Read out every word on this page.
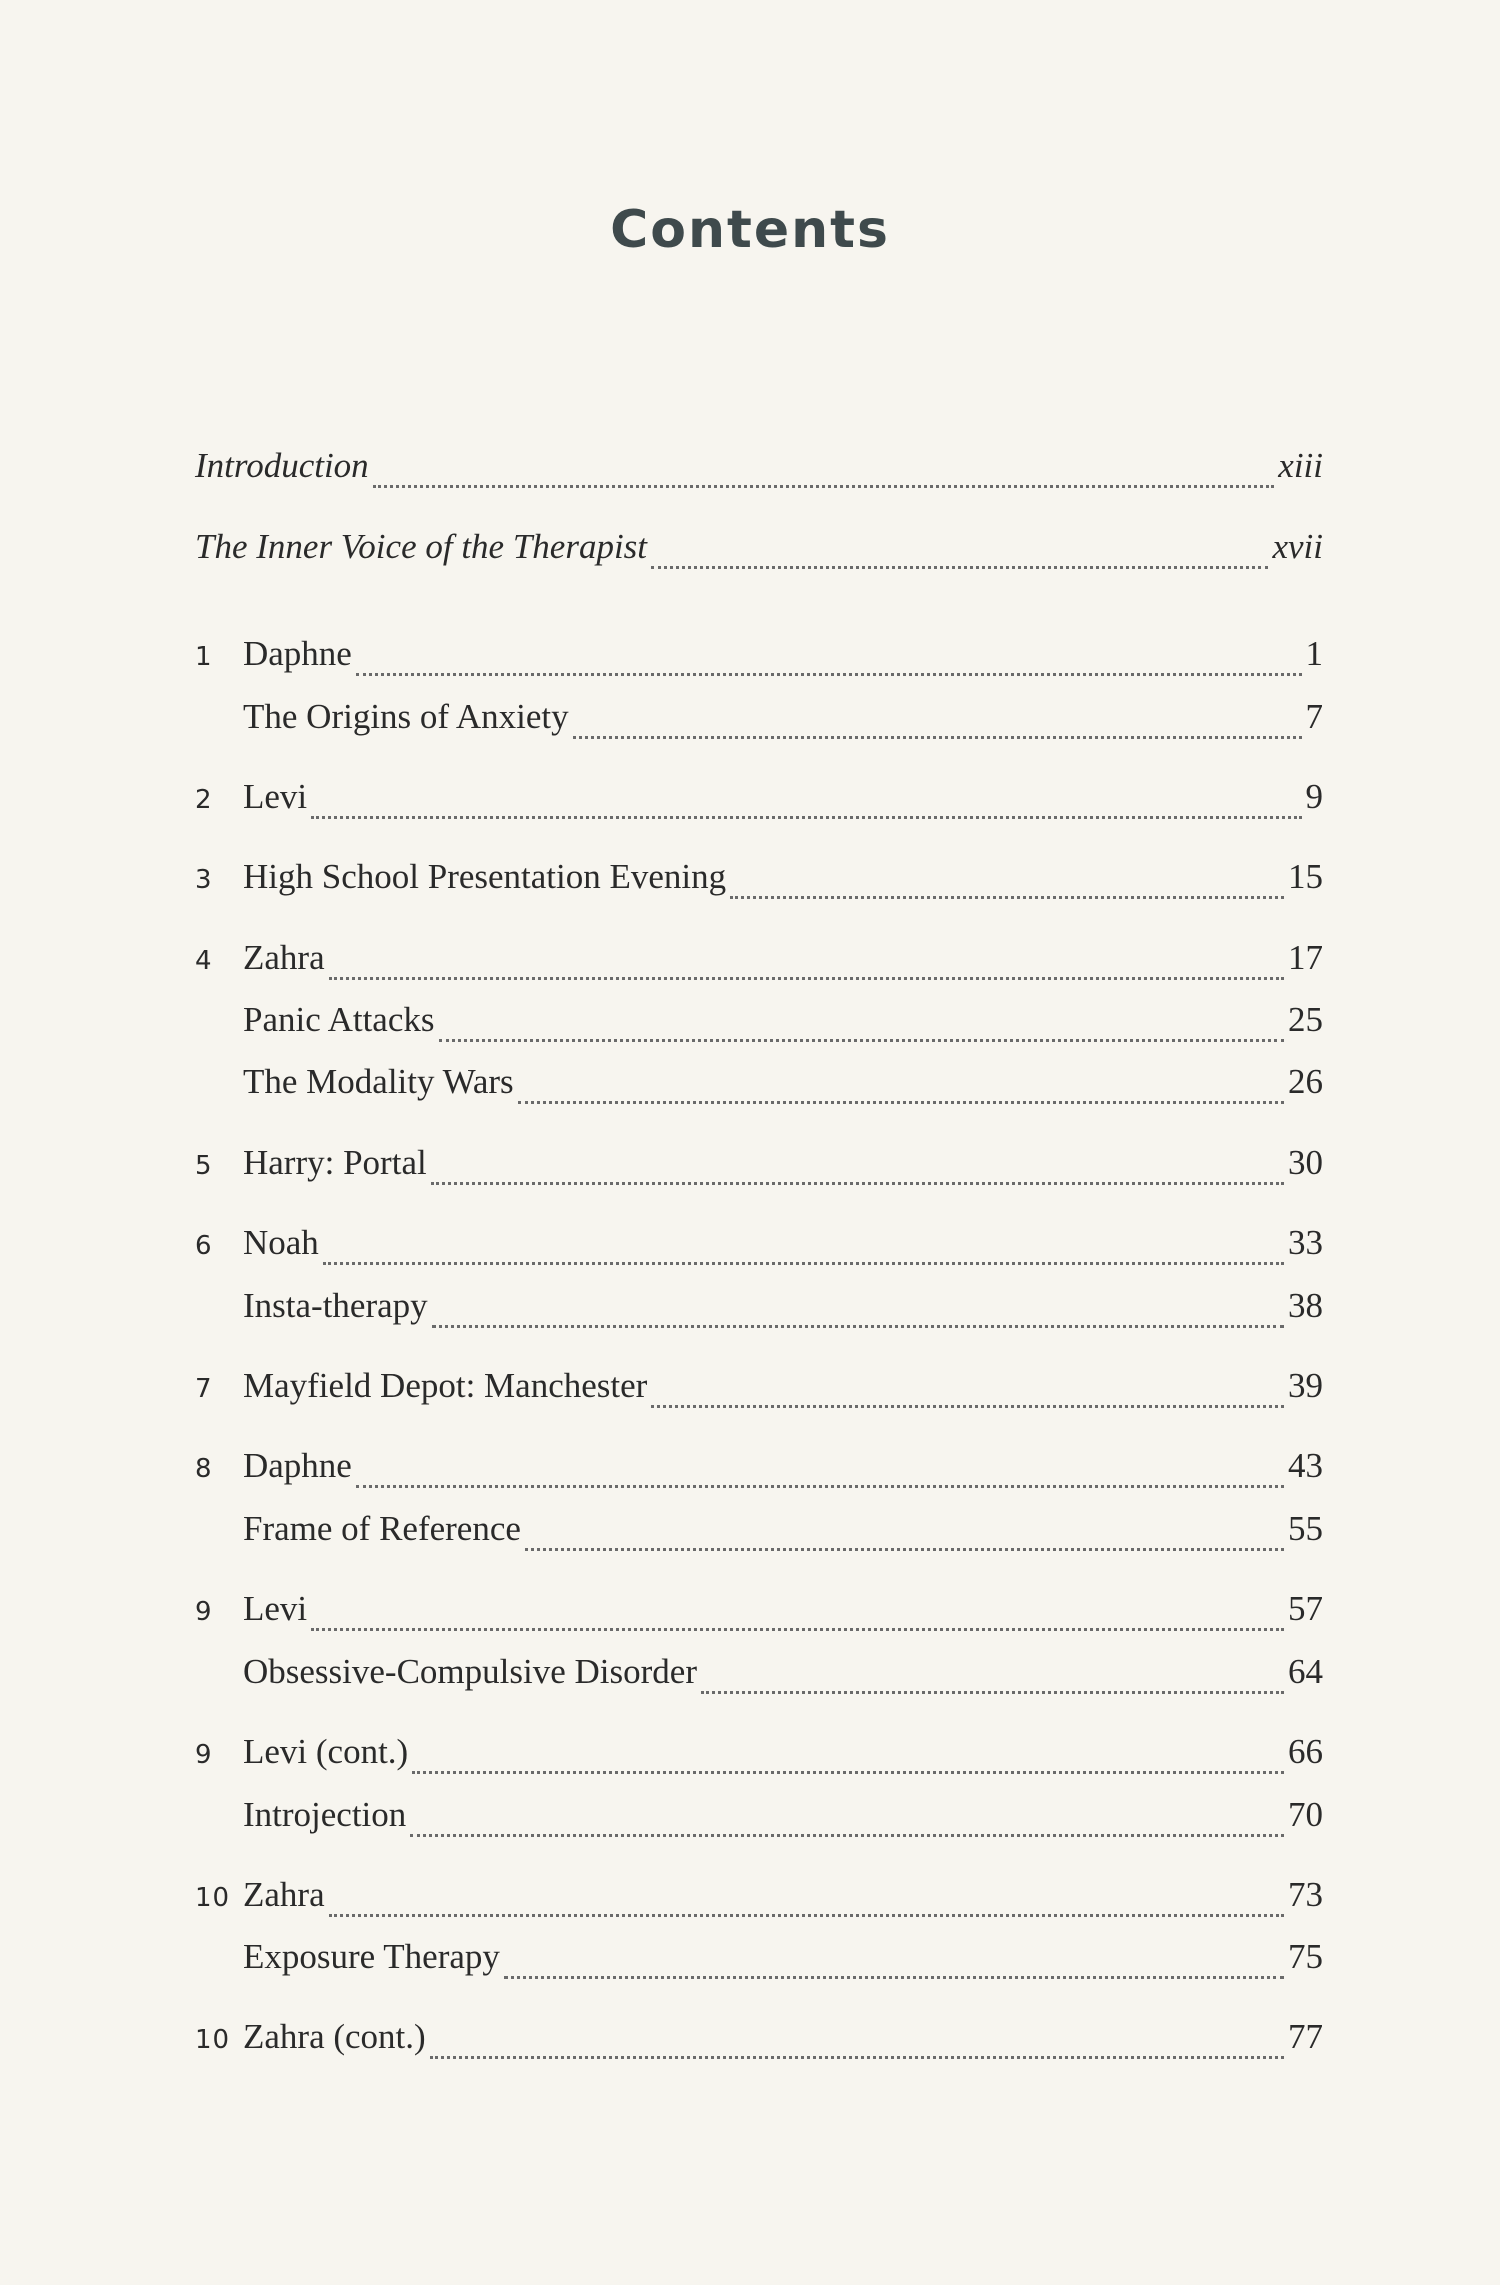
Contents
Introduction	xiii
The Inner Voice of the Therapist	xvii
1 Daphne	1
The Origins of Anxiety	7
2 Levi	9
3 High School Presentation Evening	15
4 Zahra	17
Panic Attacks	25
The Modality Wars	26
5 Harry: Portal	30
6 Noah	33
Insta-therapy	38
7 Mayfield Depot: Manchester	39
8 Daphne	43
Frame of Reference	55
9 Levi	57
Obsessive-Compulsive Disorder	64
9 Levi (cont.)	66
Introjection	70
10 Zahra	73
Exposure Therapy	75
10 Zahra (cont.)	77
